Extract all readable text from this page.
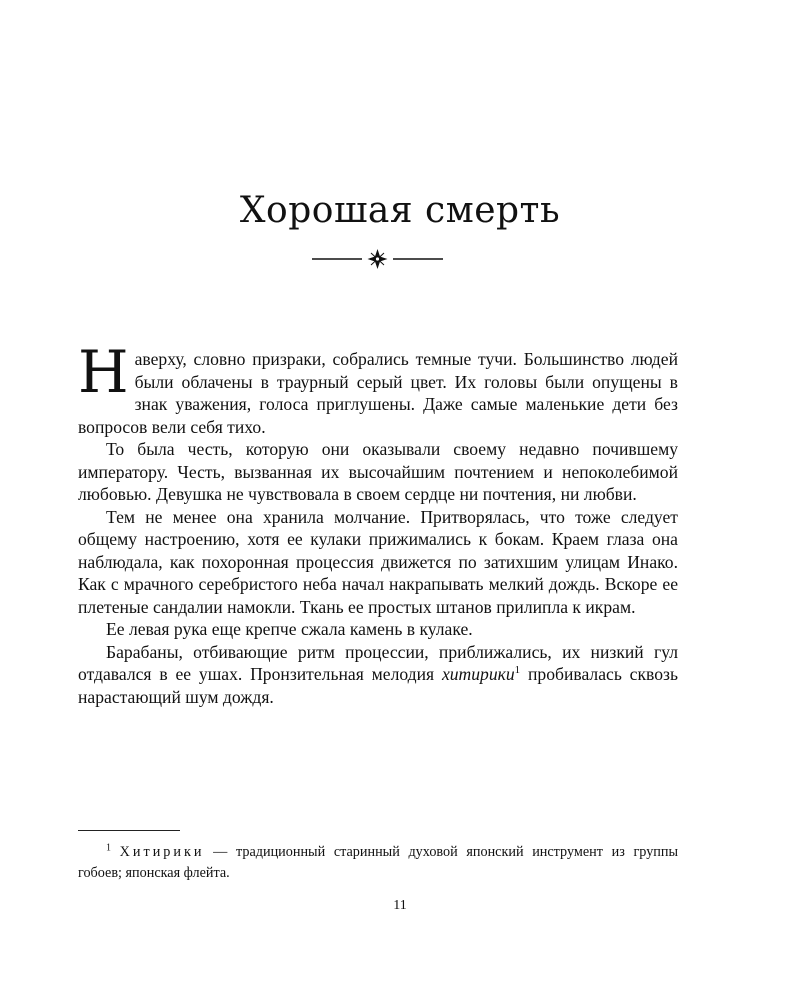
Хорошая смерть

Наверху, словно призраки, собрались темные тучи. Большинство людей были облачены в траурный серый цвет. Их головы были опущены в знак уважения, голоса приглушены. Даже самые маленькие дети без вопросов вели себя тихо.

То была честь, которую они оказывали своему недавно почившему императору. Честь, вызванная их высочайшим почтением и непоколебимой любовью. Девушка не чувствовала в своем сердце ни почтения, ни любви.

Тем не менее она хранила молчание. Притворялась, что тоже следует общему настроению, хотя ее кулаки прижимались к бокам. Краем глаза она наблюдала, как похоронная процессия движется по затихшим улицам Инако. Как с мрачного серебристого неба начал накрапывать мелкий дождь. Вскоре ее плетеные сандалии намокли. Ткань ее простых штанов прилипла к икрам.

Ее левая рука еще крепче сжала камень в кулаке.

Барабаны, отбивающие ритм процессии, приближались, их низкий гул отдавался в ее ушах. Пронзительная мелодия хитирики$^1$ пробивалась сквозь нарастающий шум дождя.

$^1$ Хитирики — традиционный старинный духовой японский инструмент из группы гобоев; японская флейта.

11
